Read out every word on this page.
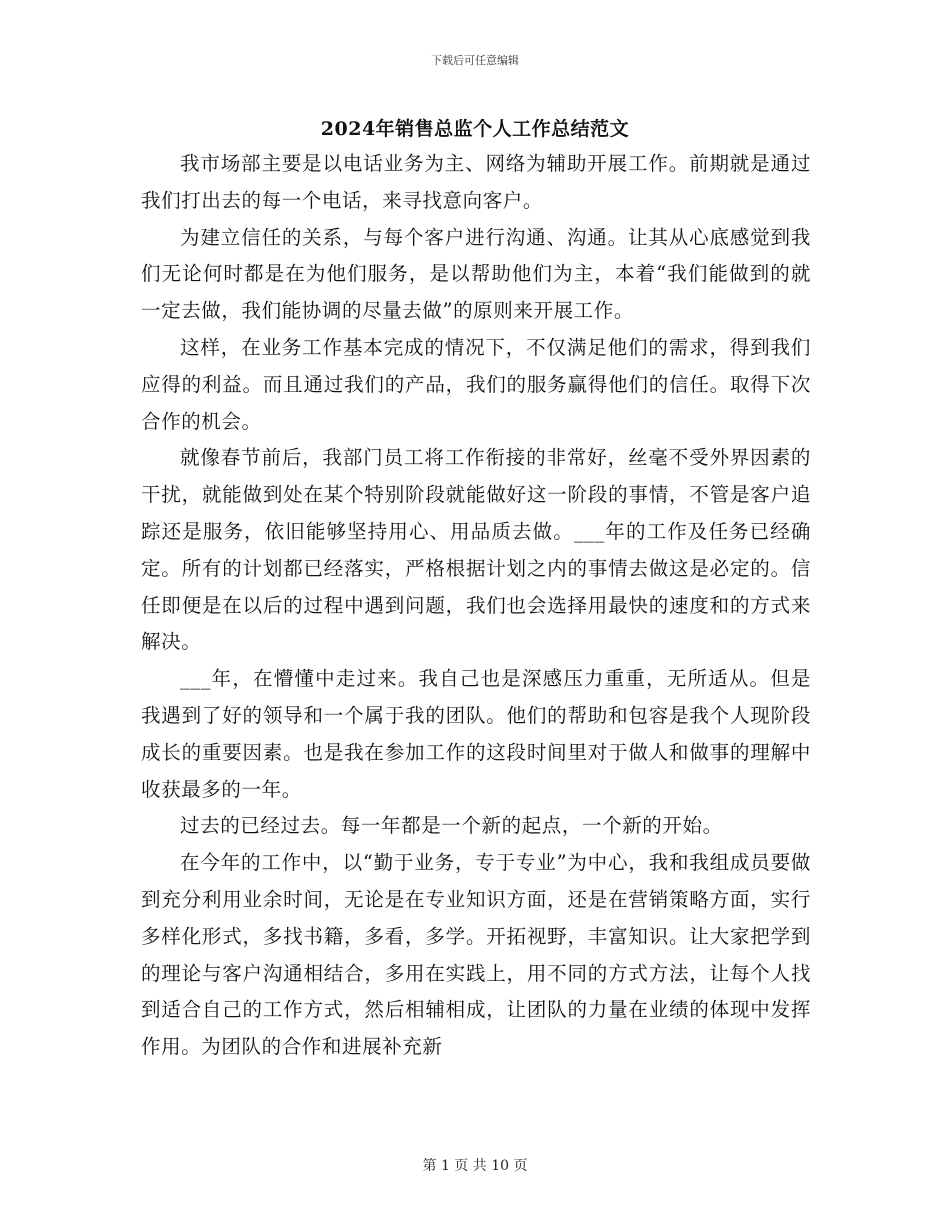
下载后可任意编辑
2024年销售总监个人工作总结范文

我市场部主要是以电话业务为主、网络为辅助开展工作。前期就是通过我们打出去的每一个电话，来寻找意向客户。

为建立信任的关系，与每个客户进行沟通、沟通。让其从心底感觉到我们无论何时都是在为他们服务，是以帮助他们为主，本着“我们能做到的就一定去做，我们能协调的尽量去做”的原则来开展工作。

这样，在业务工作基本完成的情况下，不仅满足他们的需求，得到我们应得的利益。而且通过我们的产品，我们的服务赢得他们的信任。取得下次合作的机会。

就像春节前后，我部门员工将工作衔接的非常好，丝毫不受外界因素的干扰，就能做到处在某个特别阶段就能做好这一阶段的事情，不管是客户追踪还是服务，依旧能够坚持用心、用品质去做。___年的工作及任务已经确定。所有的计划都已经落实，严格根据计划之内的事情去做这是必定的。信任即便是在以后的过程中遇到问题，我们也会选择用最快的速度和的方式来解决。

___年，在懵懂中走过来。我自己也是深感压力重重，无所适从。但是我遇到了好的领导和一个属于我的团队。他们的帮助和包容是我个人现阶段成长的重要因素。也是我在参加工作的这段时间里对于做人和做事的理解中收获最多的一年。

过去的已经过去。每一年都是一个新的起点，一个新的开始。

在今年的工作中，以“勤于业务，专于专业”为中心，我和我组成员要做到充分利用业余时间，无论是在专业知识方面，还是在营销策略方面，实行多样化形式，多找书籍，多看，多学。开拓视野，丰富知识。让大家把学到的理论与客户沟通相结合，多用在实践上，用不同的方式方法，让每个人找到适合自己的工作方式，然后相辅相成，让团队的力量在业绩的体现中发挥作用。为团队的合作和进展补充新

第 1 页 共 10 页
